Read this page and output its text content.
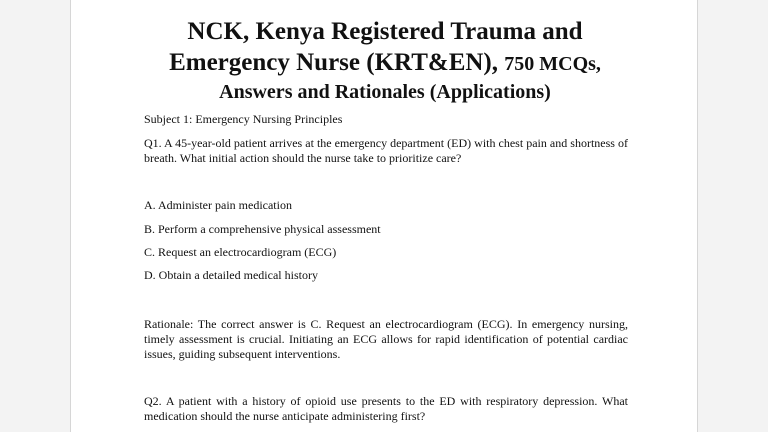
NCK, Kenya Registered Trauma and
Emergency Nurse (KRT&EN), 750 MCQs,
Answers and Rationales (Applications)

Subject 1: Emergency Nursing Principles

Q1. A 45-year-old patient arrives at the emergency department (ED) with chest pain and shortness of breath. What initial action should the nurse take to prioritize care?

A. Administer pain medication

B. Perform a comprehensive physical assessment

C. Request an electrocardiogram (ECG)

D. Obtain a detailed medical history

Rationale: The correct answer is C. Request an electrocardiogram (ECG). In emergency nursing, timely assessment is crucial. Initiating an ECG allows for rapid identification of potential cardiac issues, guiding subsequent interventions.

Q2. A patient with a history of opioid use presents to the ED with respiratory depression. What medication should the nurse anticipate administering first?
